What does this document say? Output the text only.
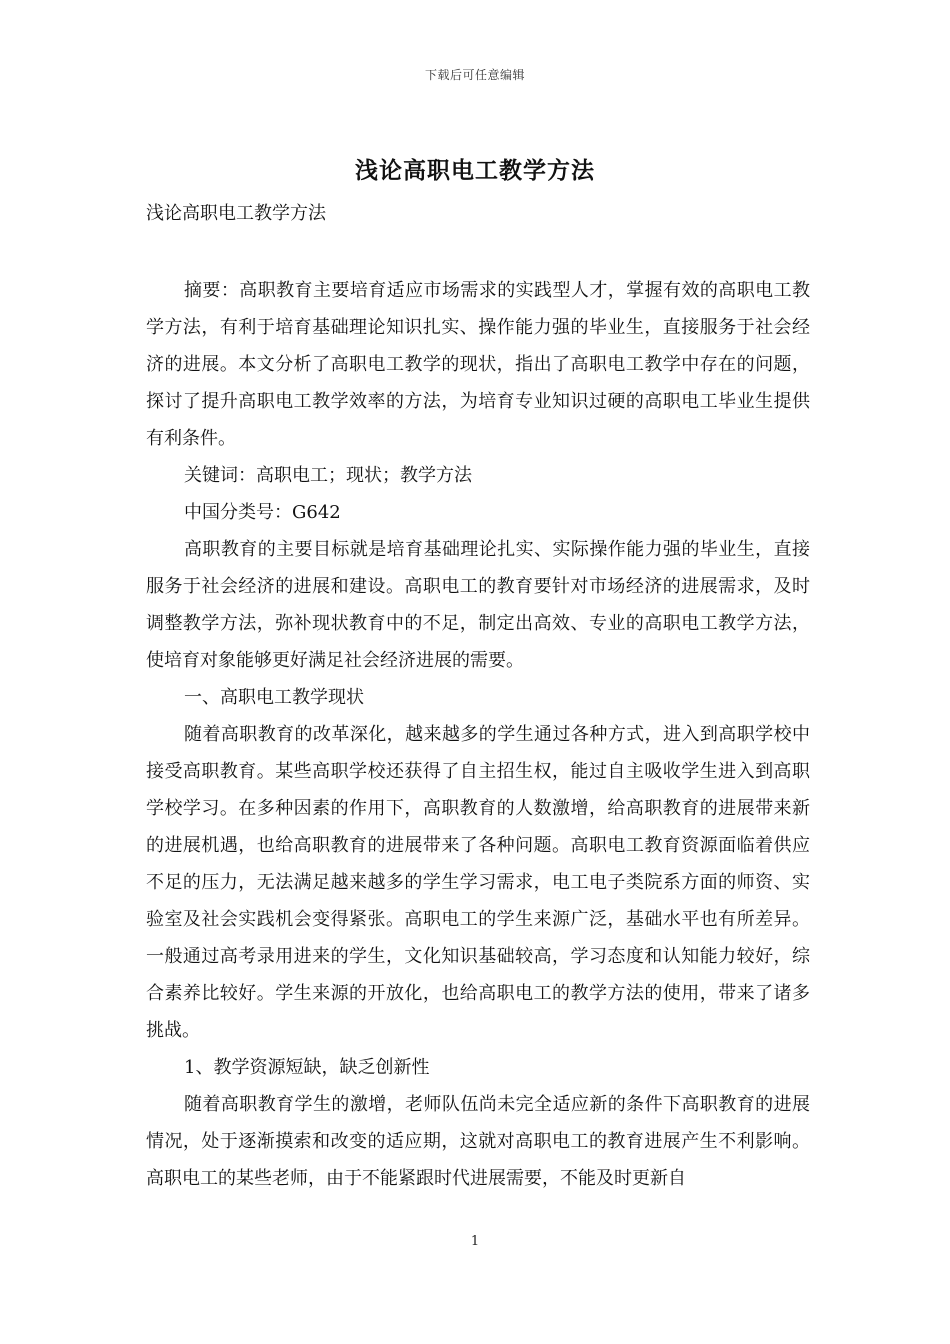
下载后可任意编辑
浅论高职电工教学方法

浅论高职电工教学方法

摘要：高职教育主要培育适应市场需求的实践型人才，掌握有效的高职电工教学方法，有利于培育基础理论知识扎实、操作能力强的毕业生，直接服务于社会经济的进展。本文分析了高职电工教学的现状，指出了高职电工教学中存在的问题，探讨了提升高职电工教学效率的方法，为培育专业知识过硬的高职电工毕业生提供有利条件。

关键词：高职电工；现状；教学方法

中国分类号：G642

高职教育的主要目标就是培育基础理论扎实、实际操作能力强的毕业生，直接服务于社会经济的进展和建设。高职电工的教育要针对市场经济的进展需求，及时调整教学方法，弥补现状教育中的不足，制定出高效、专业的高职电工教学方法，使培育对象能够更好满足社会经济进展的需要。

一、高职电工教学现状

随着高职教育的改革深化，越来越多的学生通过各种方式，进入到高职学校中接受高职教育。某些高职学校还获得了自主招生权，能过自主吸收学生进入到高职学校学习。在多种因素的作用下，高职教育的人数激增，给高职教育的进展带来新的进展机遇，也给高职教育的进展带来了各种问题。高职电工教育资源面临着供应不足的压力，无法满足越来越多的学生学习需求，电工电子类院系方面的师资、实验室及社会实践机会变得紧张。高职电工的学生来源广泛，基础水平也有所差异。一般通过高考录用进来的学生，文化知识基础较高，学习态度和认知能力较好，综合素养比较好。学生来源的开放化，也给高职电工的教学方法的使用，带来了诸多挑战。

1、教学资源短缺，缺乏创新性

随着高职教育学生的激增，老师队伍尚未完全适应新的条件下高职教育的进展情况，处于逐渐摸索和改变的适应期，这就对高职电工的教育进展产生不利影响。高职电工的某些老师，由于不能紧跟时代进展需要，不能及时更新自

1
